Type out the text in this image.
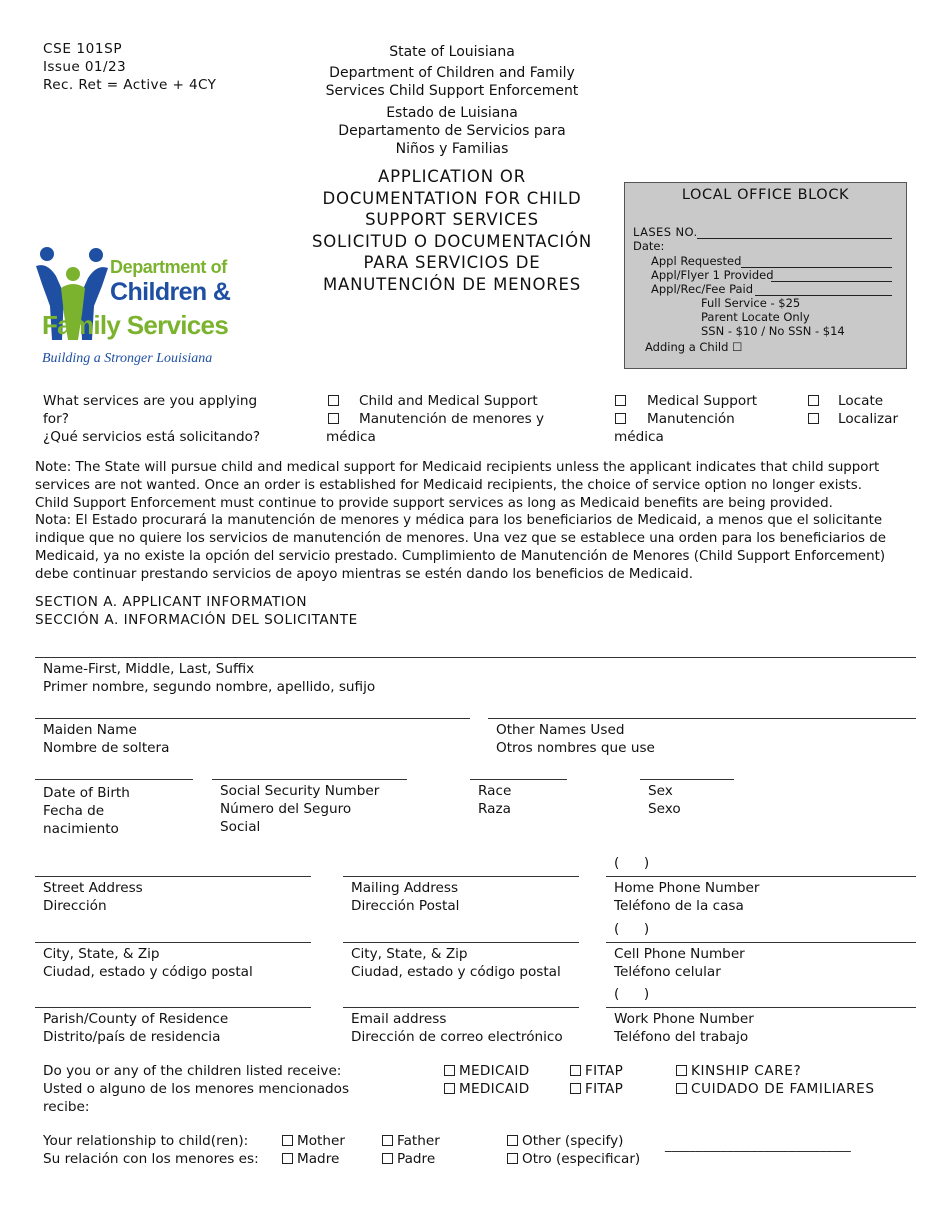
CSE 101SP
Issue 01/23
Rec. Ret = Active + 4CY
State of Louisiana
Department of Children and Family
Services Child Support Enforcement
Estado de Luisiana
Departamento de Servicios para
Niños y Familias
APPLICATION OR
DOCUMENTATION FOR CHILD
SUPPORT SERVICES
SOLICITUD O DOCUMENTACIÓN
PARA SERVICIOS DE
MANUTENCIÓN DE MENORES
Department of
Children &
Family Services
Building a Stronger Louisiana
LOCAL OFFICE BLOCK
LASES NO.
Date:
Appl Requested
Appl/Flyer 1 Provided
Appl/Rec/Fee Paid
Full Service - $25
Parent Locate Only
SSN - $10 / No SSN - $14
Adding a Child ☐
What services are you applying
for?
¿Qué servicios está solicitando?
Child and Medical Support
Manutención de menores y
médica
Medical Support
Manutención
médica
Locate
Localizar
Note: The State will pursue child and medical support for Medicaid recipients unless the applicant indicates that child support
services are not wanted. Once an order is established for Medicaid recipients, the choice of service option no longer exists.
Child Support Enforcement must continue to provide support services as long as Medicaid benefits are being provided.
Nota: El Estado procurará la manutención de menores y médica para los beneficiarios de Medicaid, a menos que el solicitante
indique que no quiere los servicios de manutención de menores. Una vez que se establece una orden para los beneficiarios de
Medicaid, ya no existe la opción del servicio prestado. Cumplimiento de Manutención de Menores (Child Support Enforcement)
debe continuar prestando servicios de apoyo mientras se estén dando los beneficios de Medicaid.
SECTION A. APPLICANT INFORMATION
SECCIÓN A. INFORMACIÓN DEL SOLICITANTE
Name-First, Middle, Last, Suffix
Primer nombre, segundo nombre, apellido, sufijo
Maiden Name
Nombre de soltera
Other Names Used
Otros nombres que use
Date of Birth
Fecha de
nacimiento
Social Security Number
Número del Seguro
Social
Race
Raza
Sex
Sexo
(     )
Street Address
Dirección
Mailing Address
Dirección Postal
Home Phone Number
Teléfono de la casa
(     )
City, State, & Zip
Ciudad, estado y código postal
City, State, & Zip
Ciudad, estado y código postal
Cell Phone Number
Teléfono celular
(     )
Parish/County of Residence
Distrito/país de residencia
Email address
Dirección de correo electrónico
Work Phone Number
Teléfono del trabajo
Do you or any of the children listed receive:
Usted o alguno de los menores mencionados
recibe:
MEDICAID
MEDICAID
FITAP
FITAP
KINSHIP CARE?
CUIDADO DE FAMILIARES
Your relationship to child(ren):
Su relación con los menores es:
Mother
Madre
Father
Padre
Other (specify)
Otro (especificar)
______________________________
